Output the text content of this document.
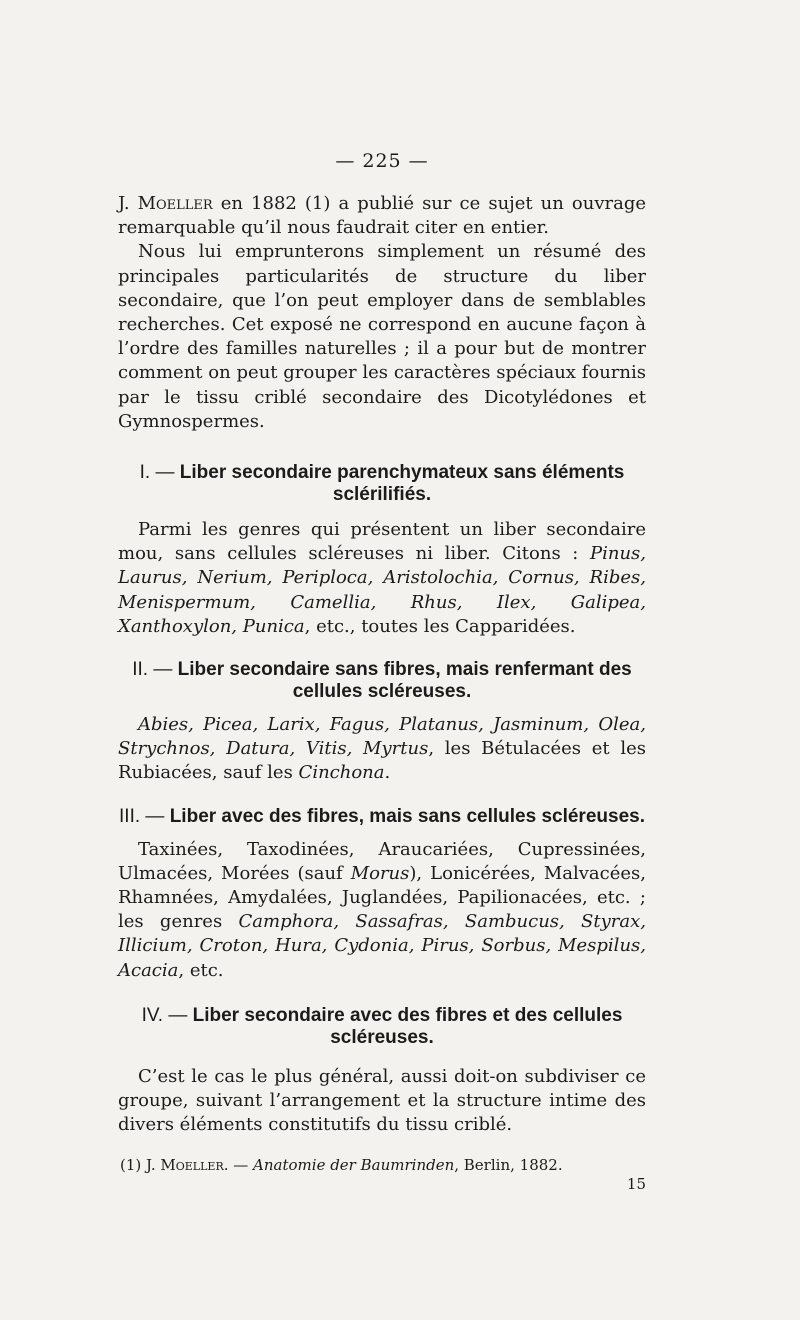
— 225 —

J. Moeller en 1882 (1) a publié sur ce sujet un ouvrage remarquable qu’il nous faudrait citer en entier.

Nous lui emprunterons simplement un résumé des principales particularités de structure du liber secondaire, que l’on peut employer dans de semblables recherches. Cet exposé ne correspond en aucune façon à l’ordre des familles naturelles ; il a pour but de montrer comment on peut grouper les caractères spéciaux fournis par le tissu criblé secondaire des Dicotylédones et Gymnospermes.

I. — Liber secondaire parenchymateux sans éléments sclérilifiés.

Parmi les genres qui présentent un liber secondaire mou, sans cellules scléreuses ni liber. Citons : Pinus, Laurus, Nerium, Periploca, Aristolochia, Cornus, Ribes, Menispermum, Camellia, Rhus, Ilex, Galipea, Xanthoxylon, Punica, etc., toutes les Capparidées.

II. — Liber secondaire sans fibres, mais renfermant des cellules scléreuses.

Abies, Picea, Larix, Fagus, Platanus, Jasminum, Olea, Strychnos, Datura, Vitis, Myrtus, les Bétulacées et les Rubiacées, sauf les Cinchona.

III. — Liber avec des fibres, mais sans cellules scléreuses.

Taxinées, Taxodinées, Araucariées, Cupressinées, Ulmacées, Morées (sauf Morus), Lonicérées, Malvacées, Rhamnées, Amydalées, Juglandées, Papilionacées, etc. ; les genres Camphora, Sassafras, Sambucus, Styrax, Illicium, Croton, Hura, Cydonia, Pirus, Sorbus, Mespilus, Acacia, etc.

IV. — Liber secondaire avec des fibres et des cellules scléreuses.

C’est le cas le plus général, aussi doit-on subdiviser ce groupe, suivant l’arrangement et la structure intime des divers éléments constitutifs du tissu criblé.

(1) J. Moeller. — Anatomie der Baumrinden, Berlin, 1882.

15
